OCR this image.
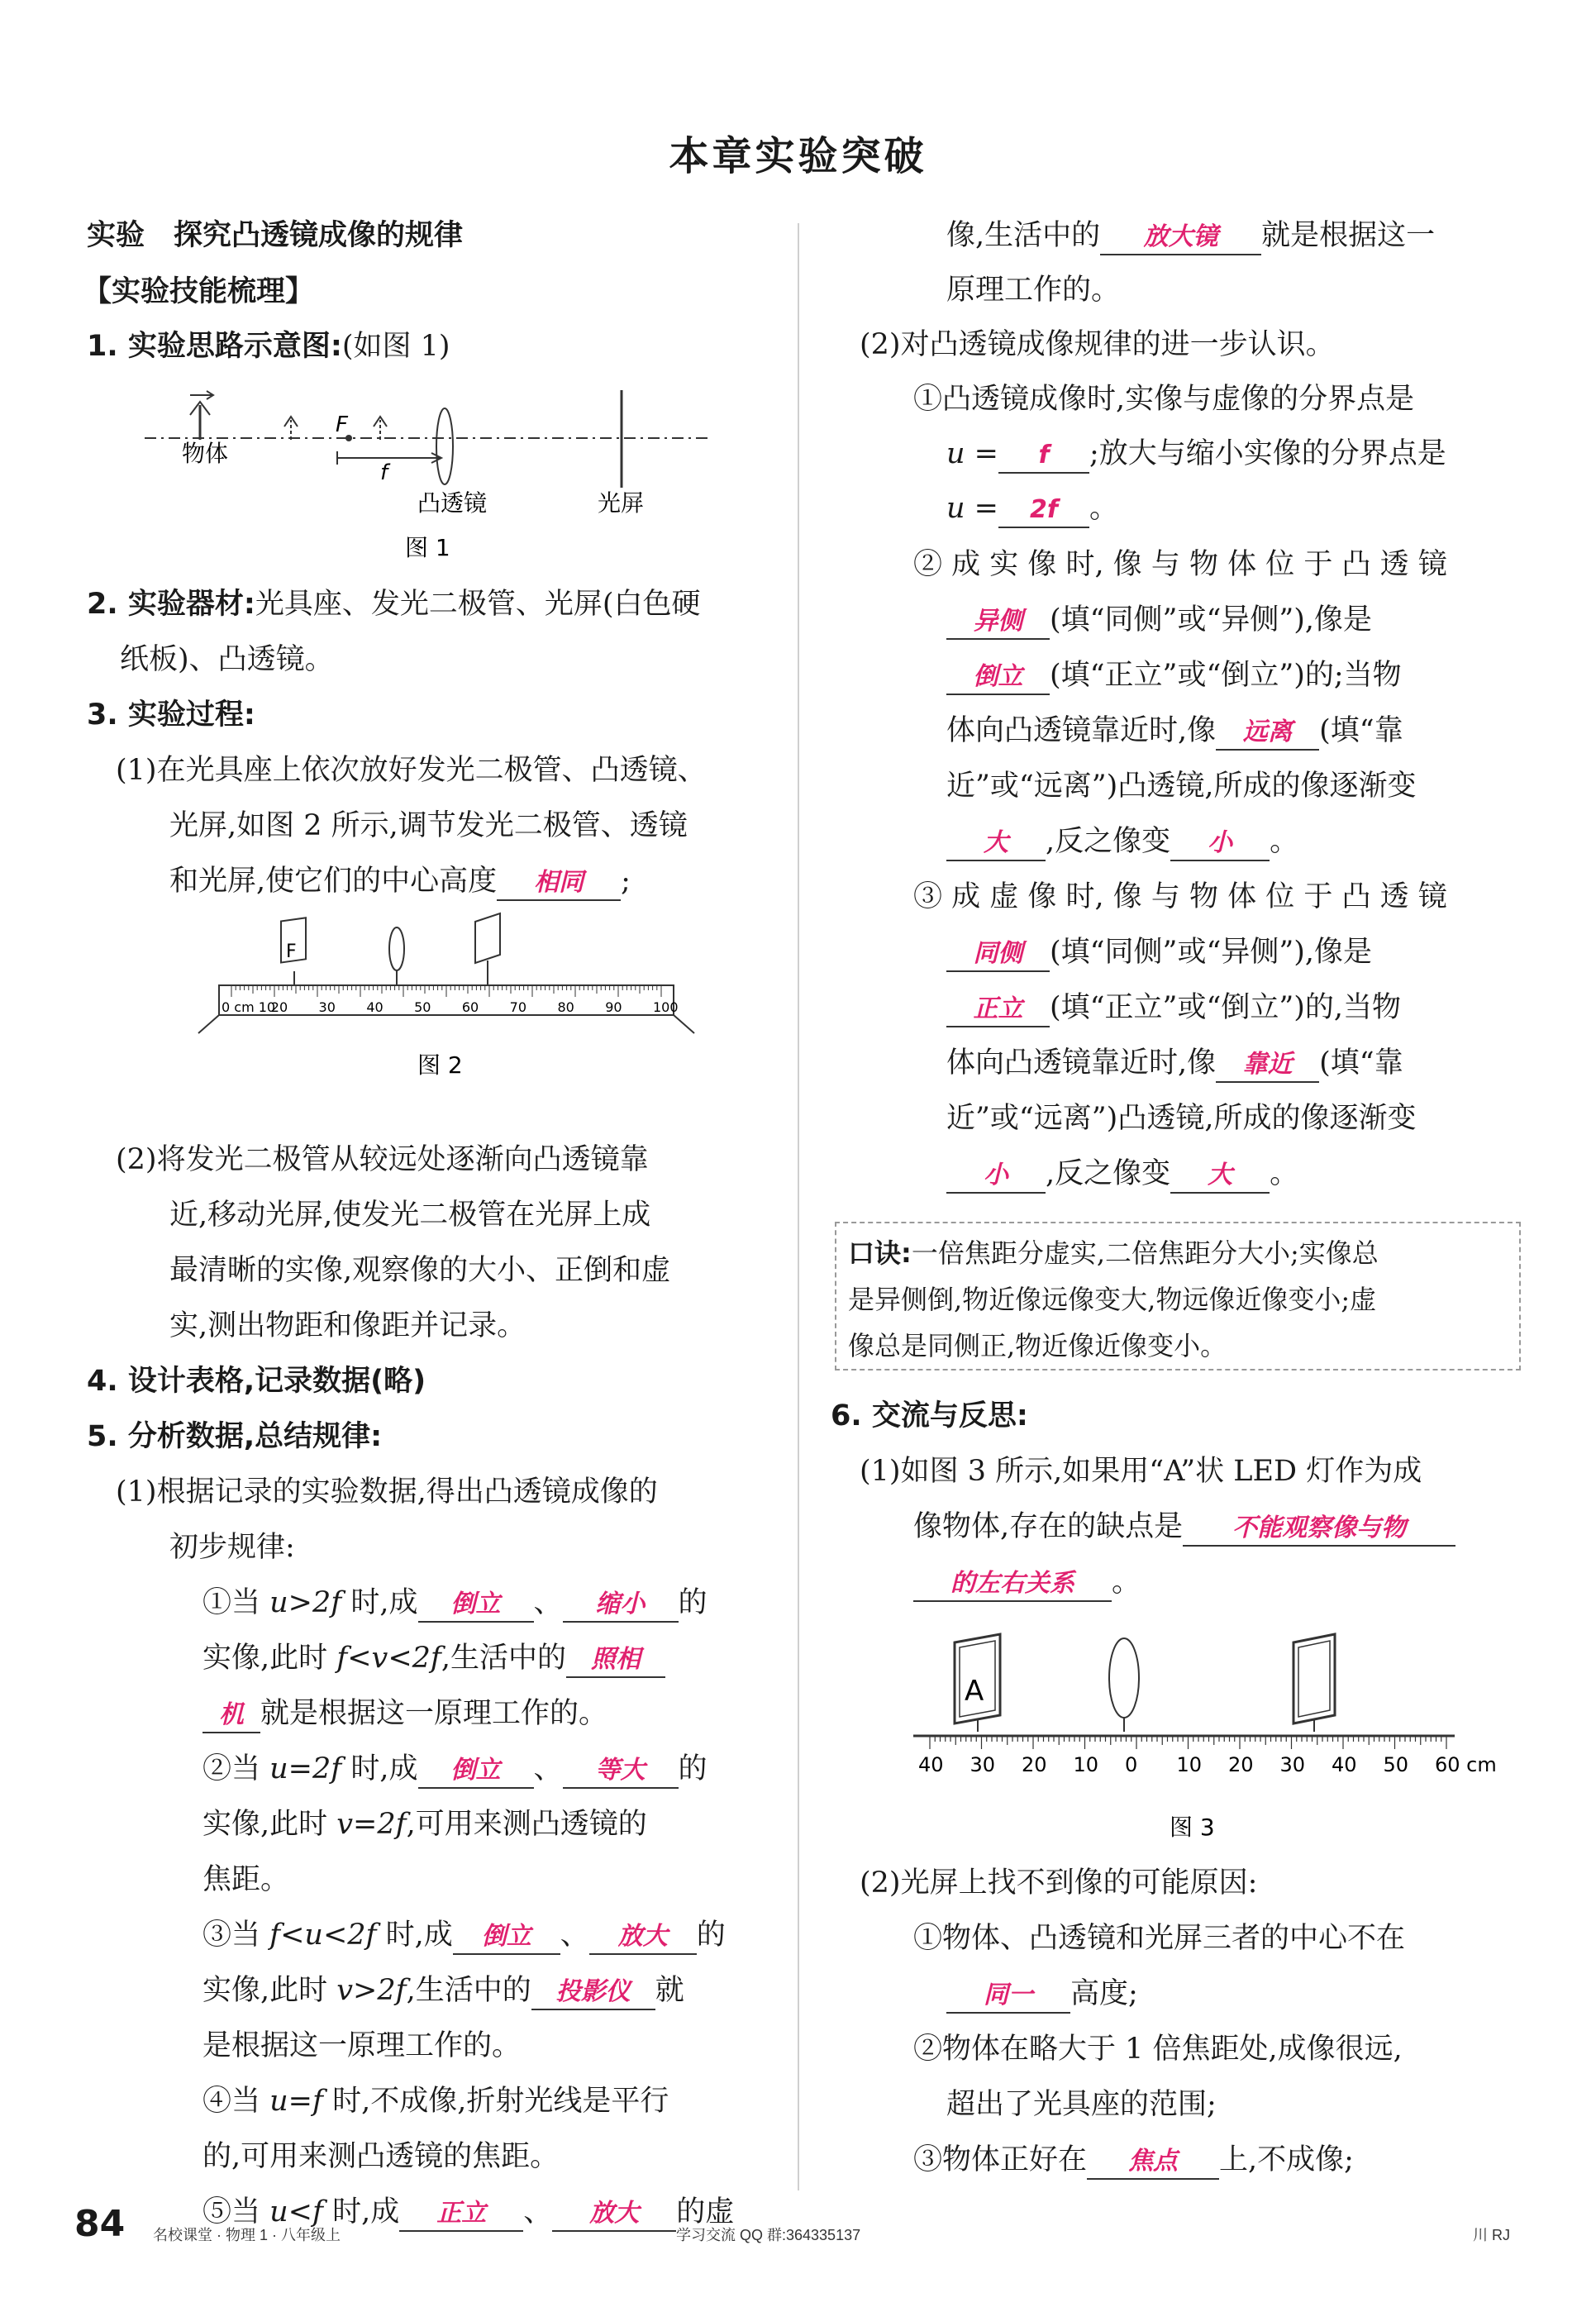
本章实验突破
实验　探究凸透镜成像的规律
【实验技能梳理】
1. 实验思路示意图:(如图 1)
F
f
物体
凸透镜	光屏
图 1
2. 实验器材:光具座、发光二极管、光屏(白色硬
纸板)、凸透镜。
3. 实验过程:
(1)在光具座上依次放好发光二极管、凸透镜、
光屏,如图 2 所示,调节发光二极管、透镜
和光屏,使它们的中心高度 相同 ;
F
0 cm 10
20 30 40 50 60 70 80 90 100
图 2
(2)将发光二极管从较远处逐渐向凸透镜靠
近,移动光屏,使发光二极管在光屏上成
最清晰的实像,观察像的大小、正倒和虚
实,测出物距和像距并记录。
4. 设计表格,记录数据(略)
5. 分析数据,总结规律:
(1)根据记录的实验数据,得出凸透镜成像的
初步规律:
①当 u>2f 时,成 倒立 、 缩小 的
实像,此时 f<v<2f,生活中的 照相
机 就是根据这一原理工作的。
②当 u=2f 时,成 倒立 、 等大 的
实像,此时 v=2f,可用来测凸透镜的
焦距。
③当 f<u<2f 时,成 倒立 、 放大 的
实像,此时 v>2f,生活中的 投影仪 就
是根据这一原理工作的。
④当 u=f 时,不成像,折射光线是平行
的,可用来测凸透镜的焦距。
⑤当 u<f 时,成 正立 、 放大 的虚
像,生活中的 放大镜 就是根据这一
原理工作的。
(2)对凸透镜成像规律的进一步认识。
①凸透镜成像时,实像与虚像的分界点是
u = f ;放大与缩小实像的分界点是
u = 2f 。
② 成 实 像 时, 像 与 物 体 位 于 凸 透 镜
异侧 (填“同侧”或“异侧”),像是
倒立 (填“正立”或“倒立”)的;当物
体向凸透镜靠近时,像 远离 (填“靠
近”或“远离”)凸透镜,所成的像逐渐变
大 ,反之像变 小 。
③ 成 虚 像 时, 像 与 物 体 位 于 凸 透 镜
同侧 (填“同侧”或“异侧”),像是
正立 (填“正立”或“倒立”)的,当物
体向凸透镜靠近时,像 靠近 (填“靠
近”或“远离”)凸透镜,所成的像逐渐变
小 ,反之像变 大 。
口诀:一倍焦距分虚实,二倍焦距分大小;实像总
是异侧倒,物近像远像变大,物远像近像变小;虚
像总是同侧正,物近像近像变小。
6. 交流与反思:
(1)如图 3 所示,如果用“A”状 LED 灯作为成
像物体,存在的缺点是 不能观察像与物
的左右关系 。
A
40 30 20 10 0 10 20 30 40 50 60 cm
图 3
(2)光屏上找不到像的可能原因:
①物体、凸透镜和光屏三者的中心不在
同一 高度;
②物体在略大于 1 倍焦距处,成像很远,
超出了光具座的范围;
③物体正好在 焦点 上,不成像;
84 名校课堂 · 物理 1 · 八年级上	学习交流 QQ 群:364335137	川 RJ
